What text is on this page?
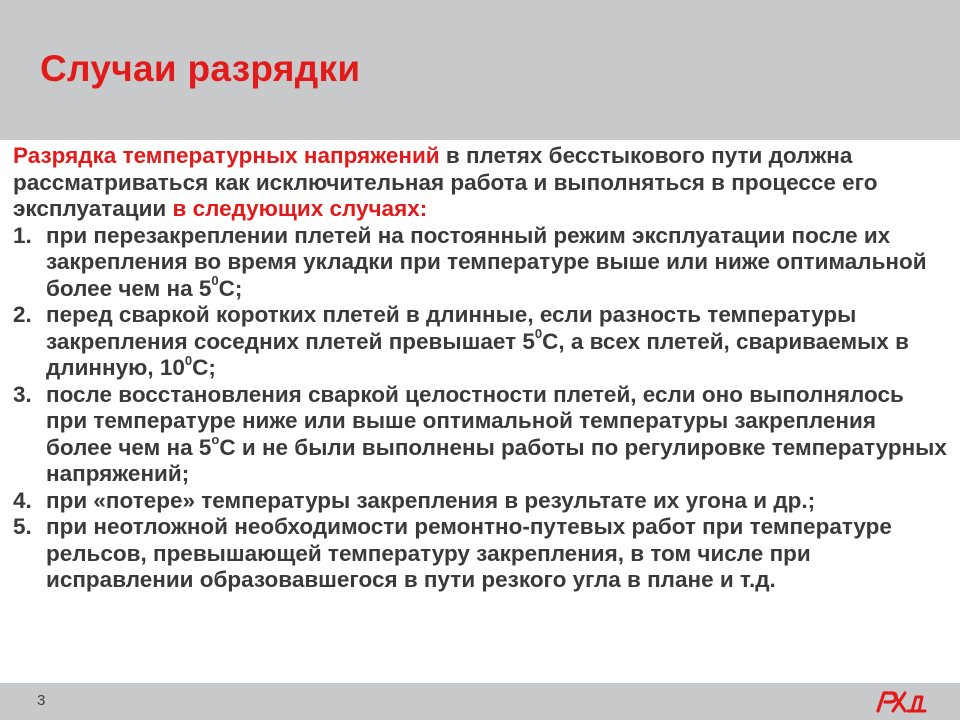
Случаи разрядки

Разрядка температурных напряжений в плетях бесстыкового пути должна рассматриваться как исключительная работа и выполняться в процессе его эксплуатации в следующих случаях:

1. при перезакреплении плетей на постоянный режим эксплуатации после их закрепления во время укладки при температуре выше или ниже оптимальной более чем на $5^0С$;
2. перед сваркой коротких плетей в длинные, если разность температуры закрепления соседних плетей превышает $5^0С$, а всех плетей, свариваемых в длинную, $10^0С$;
3. после восстановления сваркой целостности плетей, если оно выполнялось при температуре ниже или выше оптимальной температуры закрепления более чем на $5^оС$ и не были выполнены работы по регулировке температурных напряжений;
4. при «потере» температуры закрепления в результате их угона и др.;
5. при неотложной необходимости ремонтно-путевых работ при температуре рельсов, превышающей температуру закрепления, в том числе при исправлении образовавшегося в пути резкого угла в плане и т.д.
3
